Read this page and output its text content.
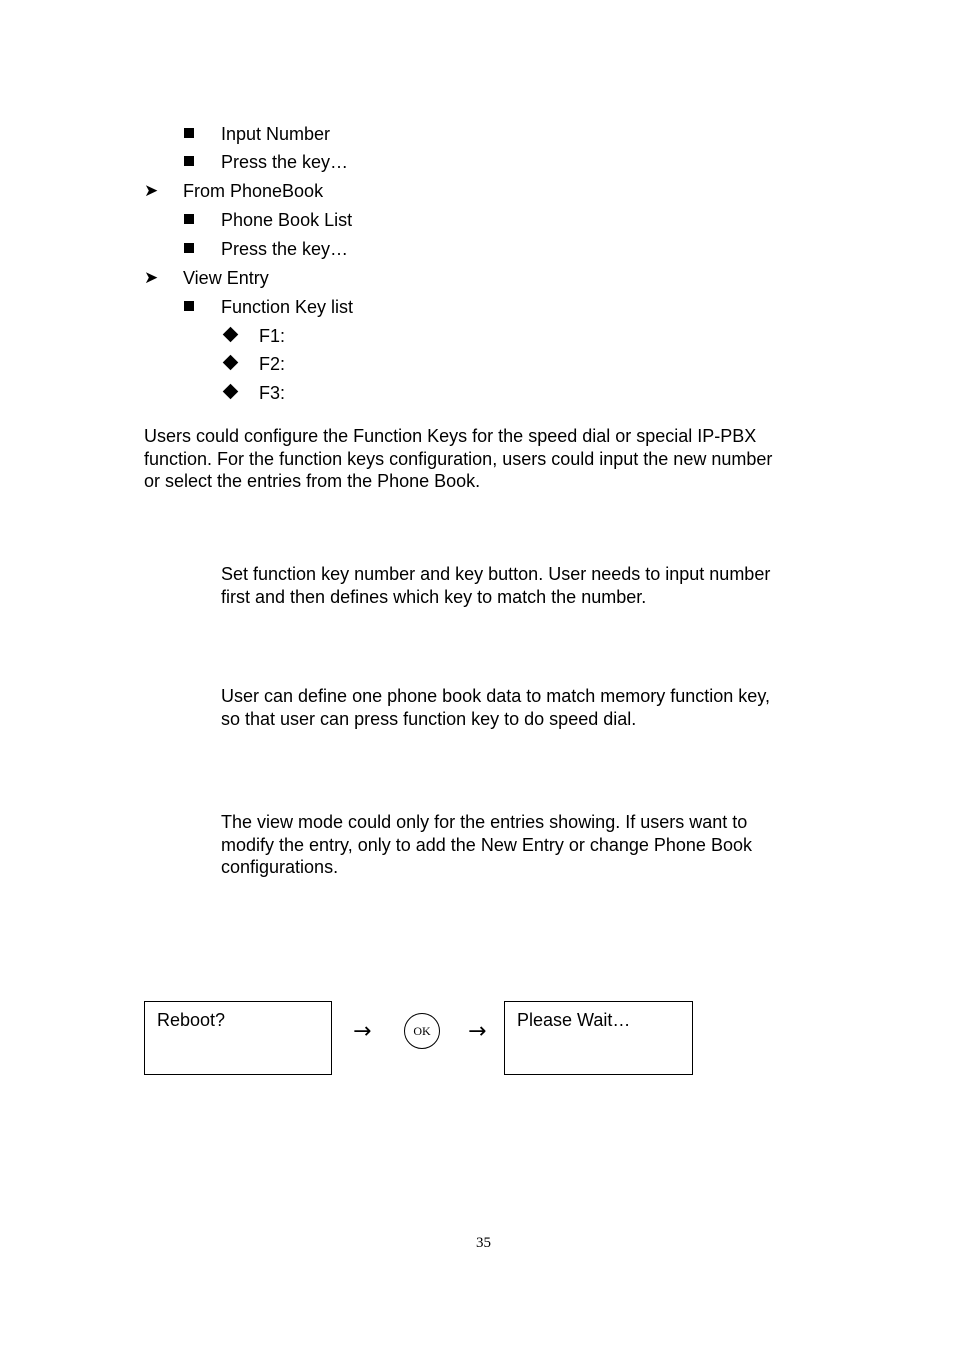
Input Number
Press the key…
➤ From PhoneBook
Phone Book List
Press the key…
➤ View Entry
Function Key list
F1:
F2:
F3:
Users could configure the Function Keys for the speed dial or special IP-PBX
function. For the function keys configuration, users could input the new number
or select the entries from the Phone Book.
Set function key number and key button. User needs to input number
first and then defines which key to match the number.
User can define one phone book data to match memory function key,
so that user can press function key to do speed dial.
The view mode could only for the entries showing. If users want to
modify the entry, only to add the New Entry or change Phone Book
configurations.
Reboot?	→	OK → Please Wait…
35
